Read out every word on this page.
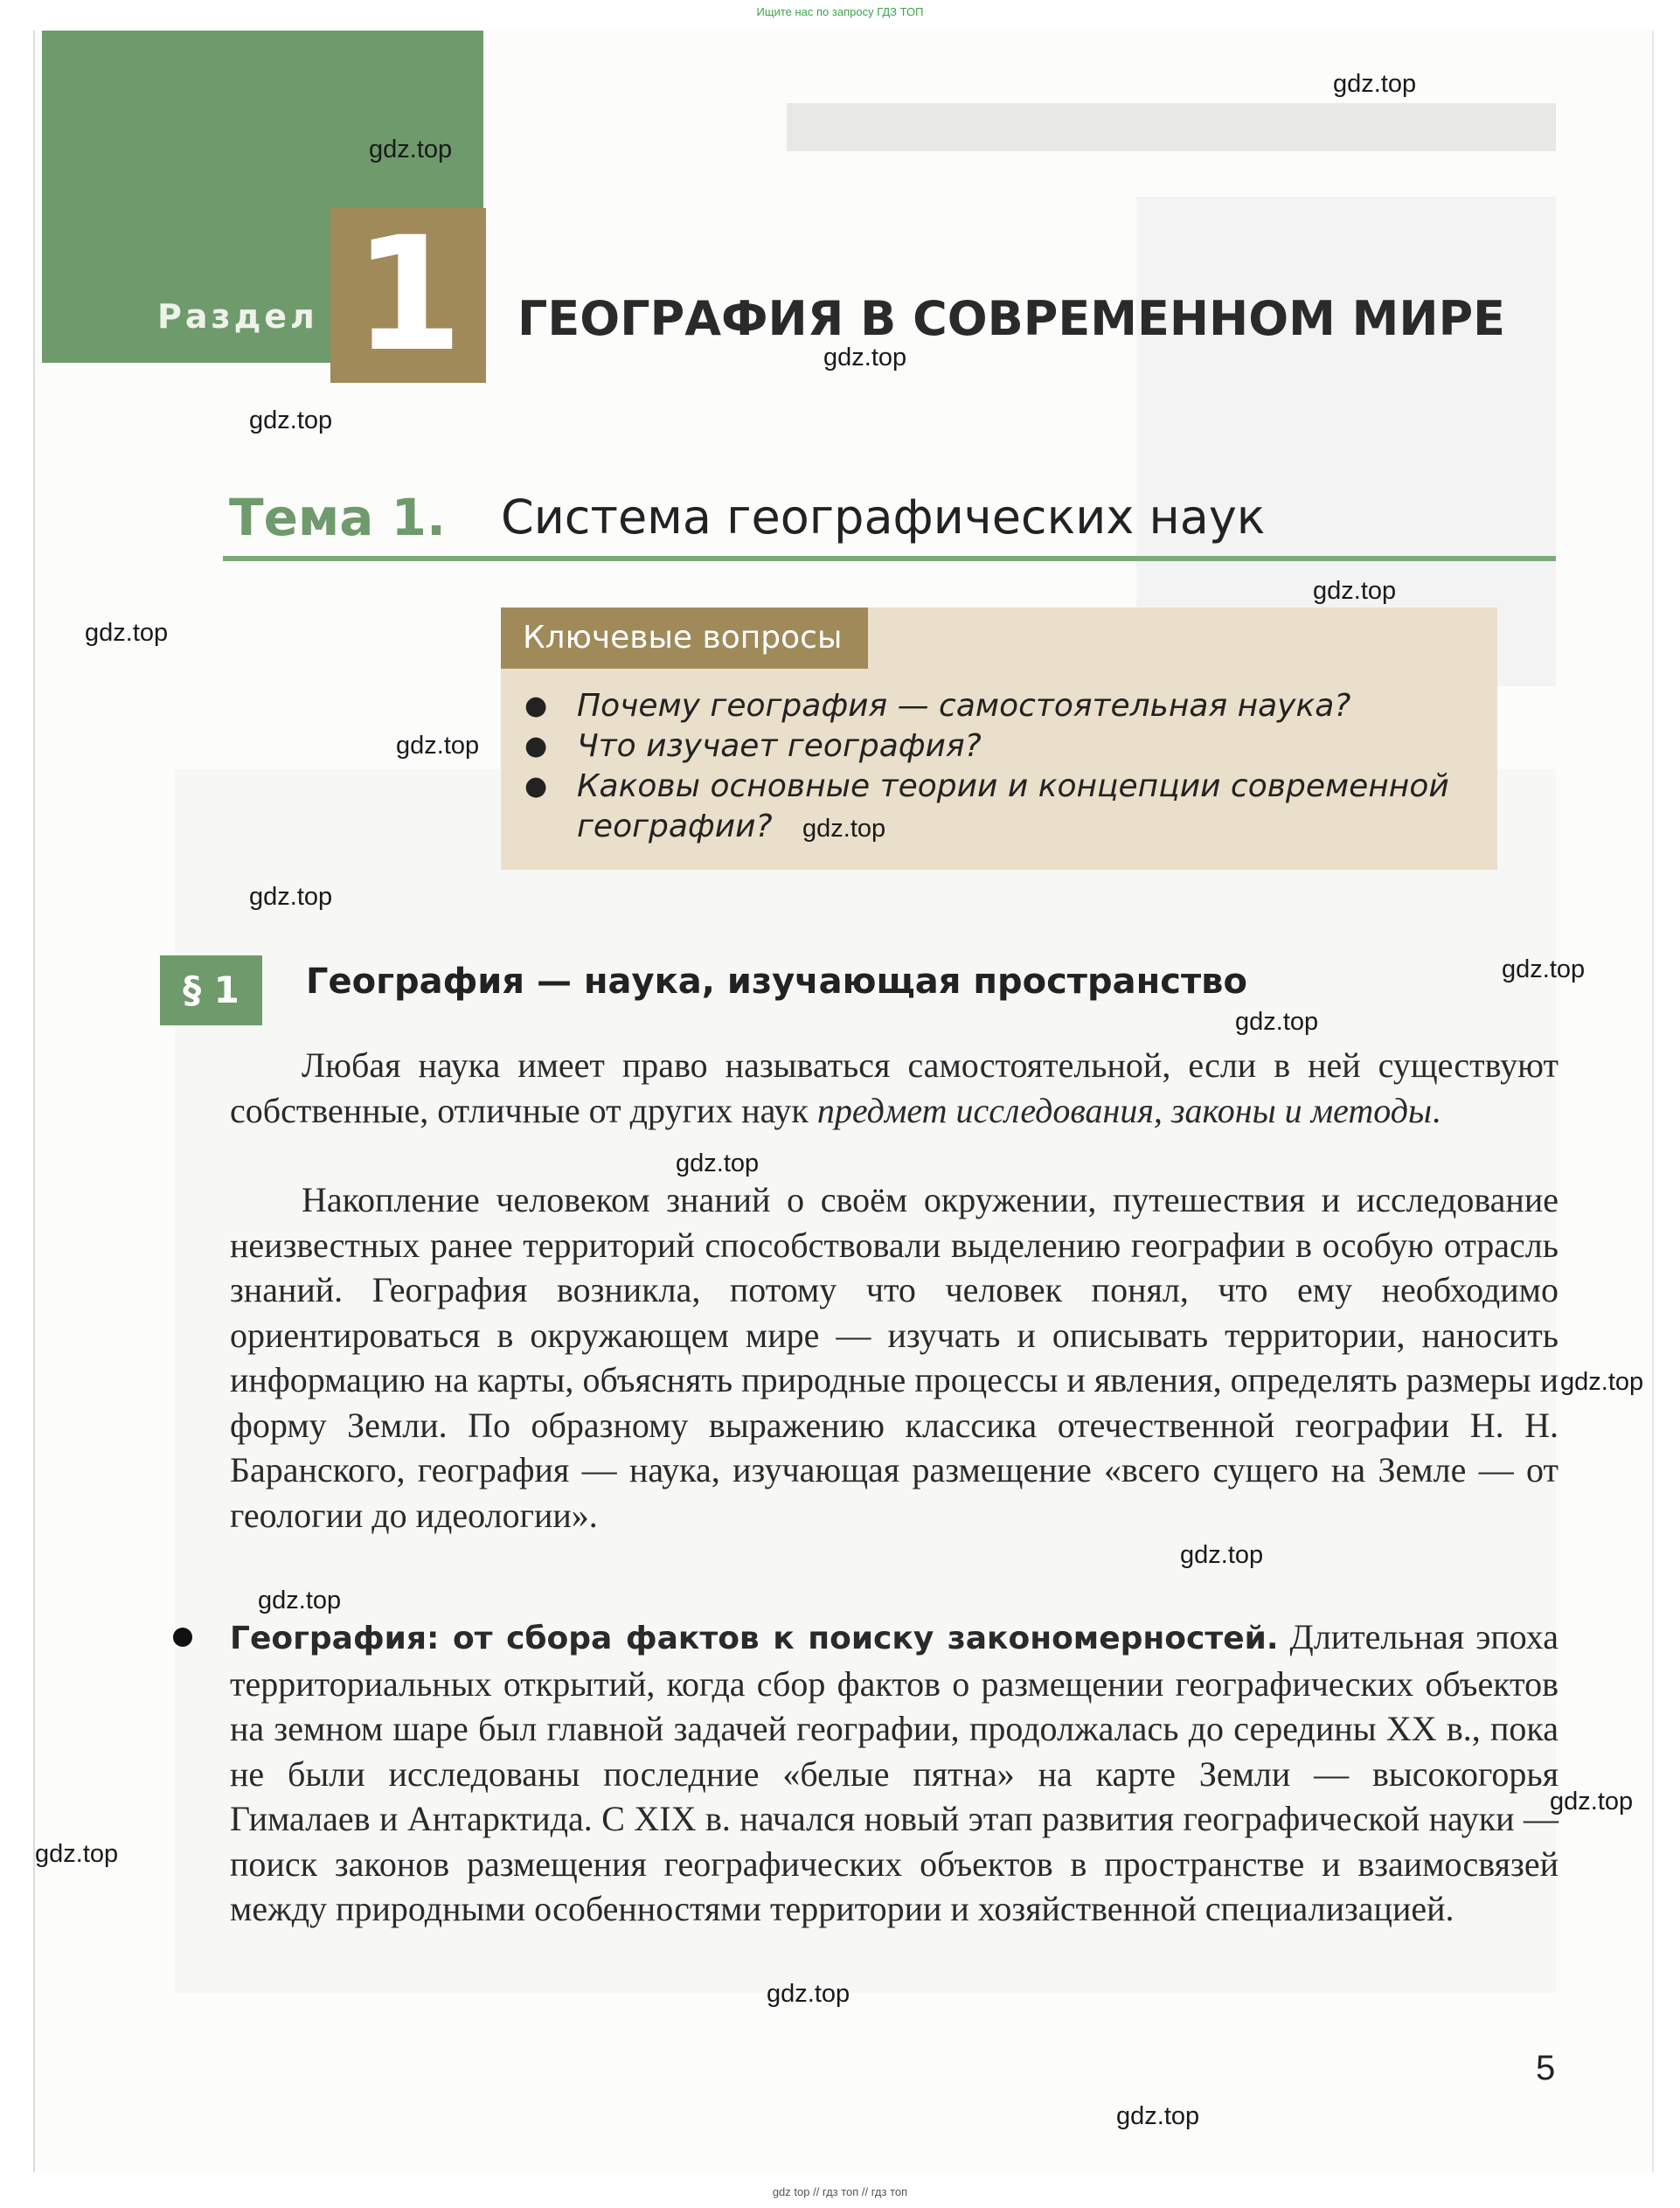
Ищите нас по запросу ГДЗ ТОП
Раздел 1	ГЕОГРАФИЯ В СОВРЕМЕННОМ МИРЕ
Тема 1. Система географических наук
Ключевые вопросы
● Почему география — самостоятельная наука?
● Что изучает география?
● Каковы основные теории и концепции современной географии?
§ 1	География — наука, изучающая пространство

Любая наука имеет право называться самостоятельной, если в ней существуют собственные, отличные от других наук предмет исследования, законы и методы.

Накопление человеком знаний о своём окружении, путешествия и исследование неизвестных ранее территорий способствовали выделению географии в особую отрасль знаний. География возникла, потому что человек понял, что ему необходимо ориентироваться в окружающем мире — изучать и описывать территории, наносить информацию на карты, объяснять природные процессы и явления, определять размеры и форму Земли. По образному выражению классика отечественной географии Н. Н. Баранского, география — наука, изучающая размещение «всего сущего на Земле — от геологии до идеологии».

География: от сбора фактов к поиску закономерностей. Длительная эпоха территориальных открытий, когда сбор фактов о размещении географических объектов на земном шаре был главной задачей географии, продолжалась до середины XX в., пока не были исследованы последние «белые пятна» на карте Земли — высокогорья Гималаев и Антарктида. С XIX в. начался новый этап развития географической науки — поиск законов размещения географических объектов в пространстве и взаимосвязей между природными особенностями территории и хозяйственной специализацией.

5
gdz.top
gdz.top
gdz.top
gdz.top
gdz.top
gdz.top
gdz.top
gdz.top
gdz.top
gdz.top
gdz.top
gdz.top
gdz.top
gdz.top
gdz.top
gdz.top
gdz.top
gdz.top
gdz.top
gdz top // гдз топ // гдз топ
